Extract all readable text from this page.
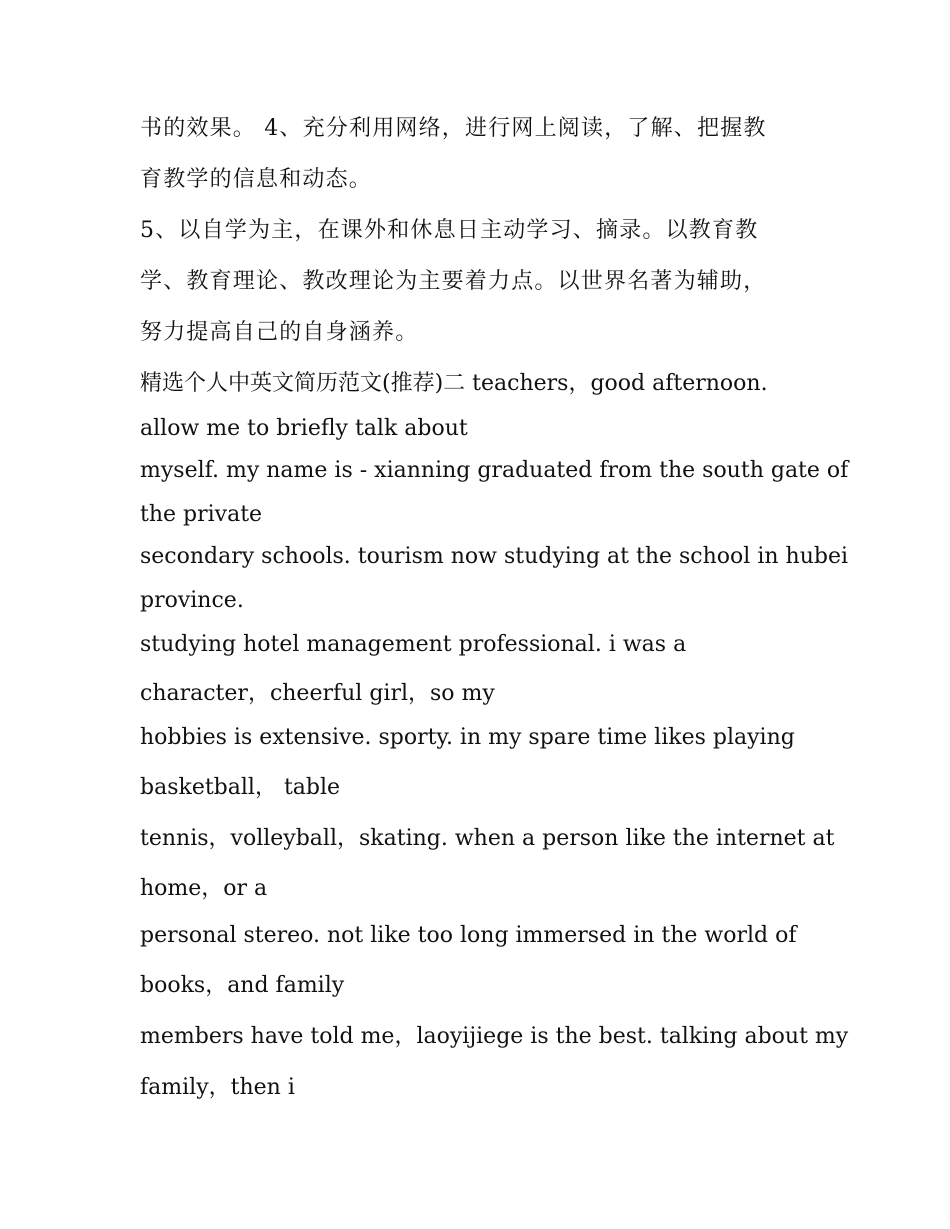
书的效果。 4、充分利用网络，进行网上阅读，了解、把握教

育教学的信息和动态。

5、以自学为主，在课外和休息日主动学习、摘录。以教育教

学、教育理论、教改理论为主要着力点。以世界名著为辅助，

努力提高自己的自身涵养。

精选个人中英文简历范文(推荐)二 teachers，good afternoon.

allow me to briefly talk about

myself. my name is - xianning graduated from the south gate of

the private

secondary schools. tourism now studying at the school in hubei

province.

studying hotel management professional. i was a

character，cheerful girl，so my

hobbies is extensive. sporty. in my spare time likes playing

basketball， table

tennis，volleyball，skating. when a person like the internet at

home，or a

personal stereo. not like too long immersed in the world of

books，and family

members have told me，laoyijiege is the best. talking about my

family，then i
